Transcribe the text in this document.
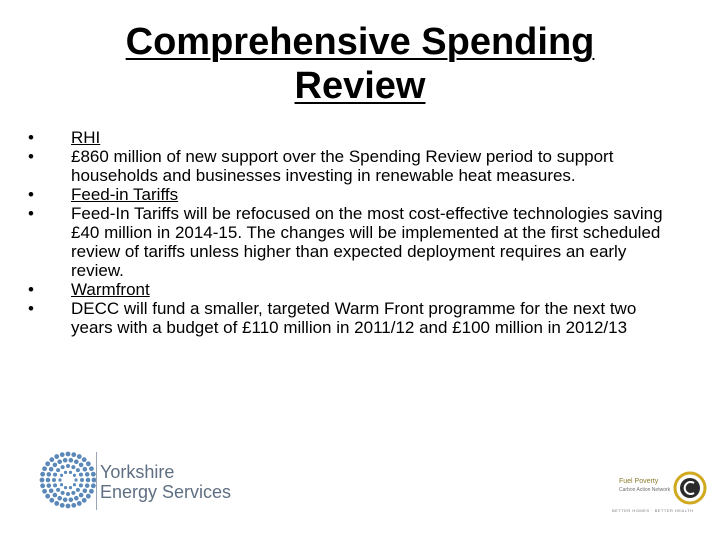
Comprehensive Spending Review
•	RHI
•	£860 million of new support over the Spending Review period to support households and businesses investing in renewable heat measures.
•	Feed-in Tariffs
•	Feed-In Tariffs will be refocused on the most cost-effective technologies saving £40 million in 2014-15. The changes will be implemented at the first scheduled review of tariffs unless higher than expected deployment requires an early review.
•	Warmfront
•	DECC will fund a smaller, targeted Warm Front programme for the next two years with a budget of £110 million in 2011/12 and £100 million in 2012/13
Yorkshire
Energy Services
Fuel Poverty
Carbon Action Network
BETTER HOMES · BETTER HEALTH
